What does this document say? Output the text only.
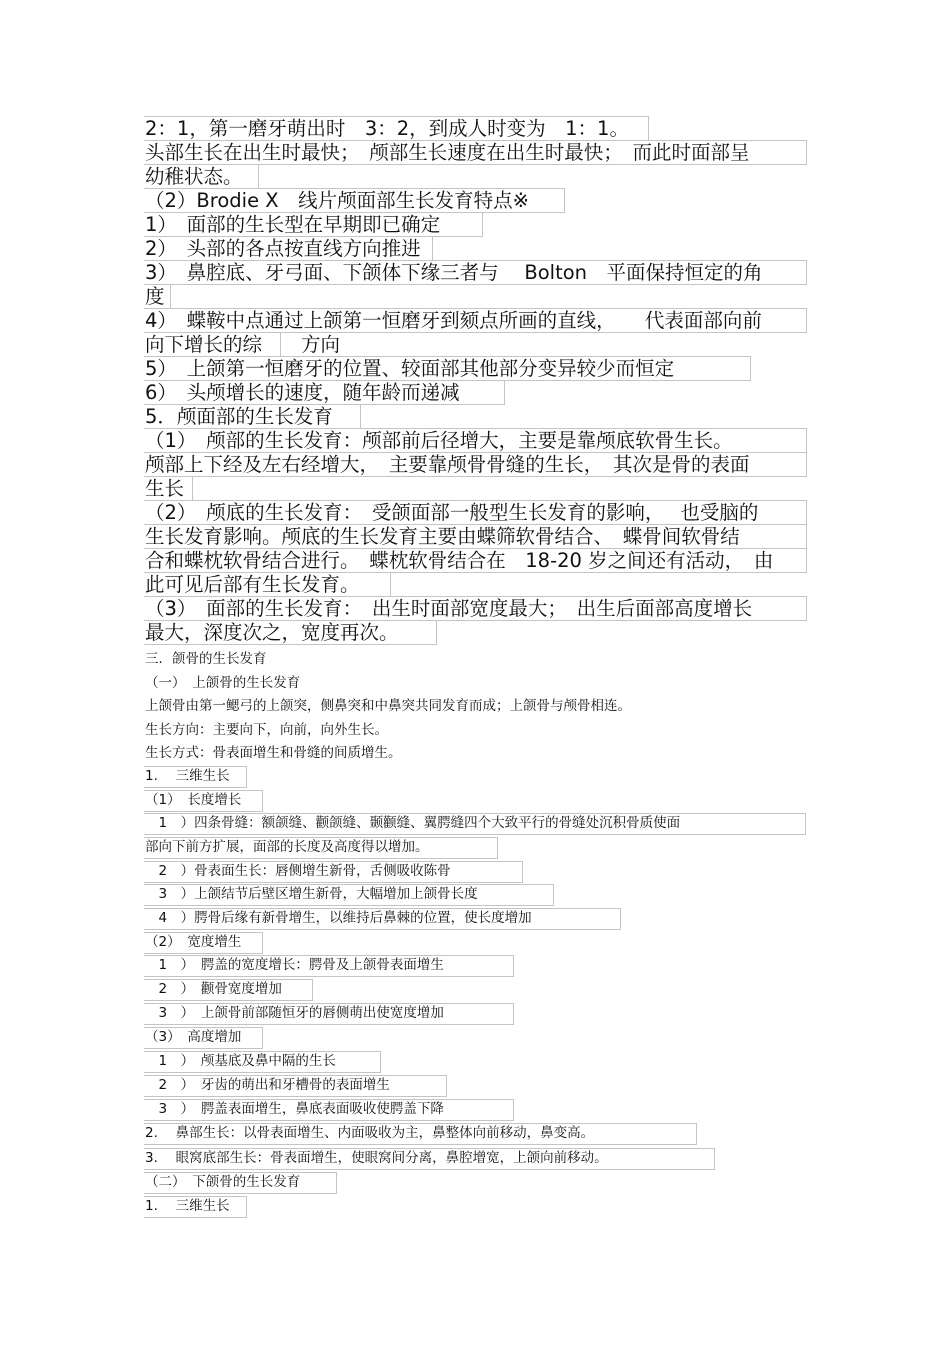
2：1，第一磨牙萌出时　3：2，到成人时变为　1：1。
头部生长在出生时最快；　颅部生长速度在出生时最快；　而此时面部呈
幼稚状态。
（2）Brodie X　线片颅面部生长发育特点※
1）　面部的生长型在早期即已确定
2）　头部的各点按直线方向推进
3）　鼻腔底、牙弓面、下颌体下缘三者与　 Bolton　平面保持恒定的角
度
4）　蝶鞍中点通过上颌第一恒磨牙到颏点所画的直线，　　代表面部向前
向下增长的综　　方向
5）　上颌第一恒磨牙的位置、较面部其他部分变异较少而恒定
6）　头颅增长的速度，随年龄而递减
5．颅面部的生长发育
（1）　颅部的生长发育：颅部前后径增大，主要是靠颅底软骨生长。
颅部上下经及左右经增大，　主要靠颅骨骨缝的生长，　其次是骨的表面
生长
（2）　颅底的生长发育：　受颌面部一般型生长发育的影响，　 也受脑的
生长发育影响。颅底的生长发育主要由蝶筛软骨结合、　蝶骨间软骨结
合和蝶枕软骨结合进行。　蝶枕软骨结合在　18-20 岁之间还有活动，　由
此可见后部有生长发育。
（3）　面部的生长发育：　出生时面部宽度最大；　出生后面部高度增长
最大，深度次之，宽度再次。
三．颌骨的生长发育
（一）　上颌骨的生长发育
上颌骨由第一鳃弓的上颌突，侧鼻突和中鼻突共同发育而成；上颌骨与颅骨相连。
生长方向：主要向下，向前，向外生长。
生长方式：骨表面增生和骨缝的间质增生。
1.　 三维生长
（1）　长度增长
　1　）四条骨缝：额颌缝、颧颌缝、颞颧缝、翼腭缝四个大致平行的骨缝处沉积骨质使面
部向下前方扩展，面部的长度及高度得以增加。
　2　）骨表面生长：唇侧增生新骨，舌侧吸收陈骨
　3　）上颌结节后壁区增生新骨，大幅增加上颌骨长度
　4　）腭骨后缘有新骨增生，以维持后鼻棘的位置，使长度增加
（2）　宽度增生
　1　）　腭盖的宽度增长：腭骨及上颌骨表面增生
　2　）　颧骨宽度增加
　3　）　上颌骨前部随恒牙的唇侧萌出使宽度增加
（3）　高度增加
　1　）　颅基底及鼻中隔的生长
　2　）　牙齿的萌出和牙槽骨的表面增生
　3　）　腭盖表面增生，鼻底表面吸收使腭盖下降
2.　 鼻部生长：以骨表面增生、内面吸收为主，鼻整体向前移动，鼻变高。
3.　 眼窝底部生长：骨表面增生，使眼窝间分离，鼻腔增宽，上颌向前移动。
（二）　下颌骨的生长发育
1.　 三维生长
